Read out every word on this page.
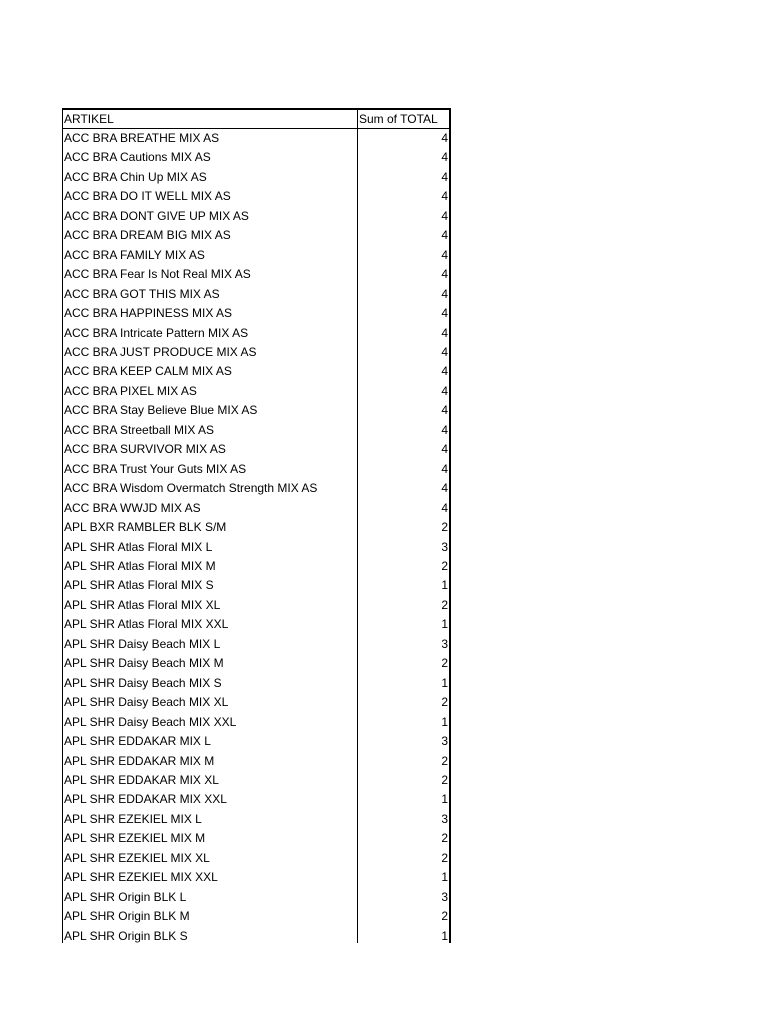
ARTIKEL	Sum of TOTAL
ACC BRA BREATHE MIX AS	4
ACC BRA Cautions MIX AS	4
ACC BRA Chin Up MIX AS	4
ACC BRA DO IT WELL MIX AS	4
ACC BRA DONT GIVE UP MIX AS	4
ACC BRA DREAM BIG MIX AS	4
ACC BRA FAMILY MIX AS	4
ACC BRA Fear Is Not Real MIX AS	4
ACC BRA GOT THIS MIX AS	4
ACC BRA HAPPINESS MIX AS	4
ACC BRA Intricate Pattern MIX AS	4
ACC BRA JUST PRODUCE MIX AS	4
ACC BRA KEEP CALM MIX AS	4
ACC BRA PIXEL MIX AS	4
ACC BRA Stay Believe Blue MIX AS	4
ACC BRA Streetball MIX AS	4
ACC BRA SURVIVOR MIX AS	4
ACC BRA Trust Your Guts MIX AS	4
ACC BRA Wisdom Overmatch Strength MIX AS	4
ACC BRA WWJD MIX AS	4
APL BXR RAMBLER BLK S/M	2
APL SHR Atlas Floral MIX L	3
APL SHR Atlas Floral MIX M	2
APL SHR Atlas Floral MIX S	1
APL SHR Atlas Floral MIX XL	2
APL SHR Atlas Floral MIX XXL	1
APL SHR Daisy Beach MIX L	3
APL SHR Daisy Beach MIX M	2
APL SHR Daisy Beach MIX S	1
APL SHR Daisy Beach MIX XL	2
APL SHR Daisy Beach MIX XXL	1
APL SHR EDDAKAR MIX L	3
APL SHR EDDAKAR MIX M	2
APL SHR EDDAKAR MIX XL	2
APL SHR EDDAKAR MIX XXL	1
APL SHR EZEKIEL MIX L	3
APL SHR EZEKIEL MIX M	2
APL SHR EZEKIEL MIX XL	2
APL SHR EZEKIEL MIX XXL	1
APL SHR Origin BLK L	3
APL SHR Origin BLK M	2
APL SHR Origin BLK S	1
